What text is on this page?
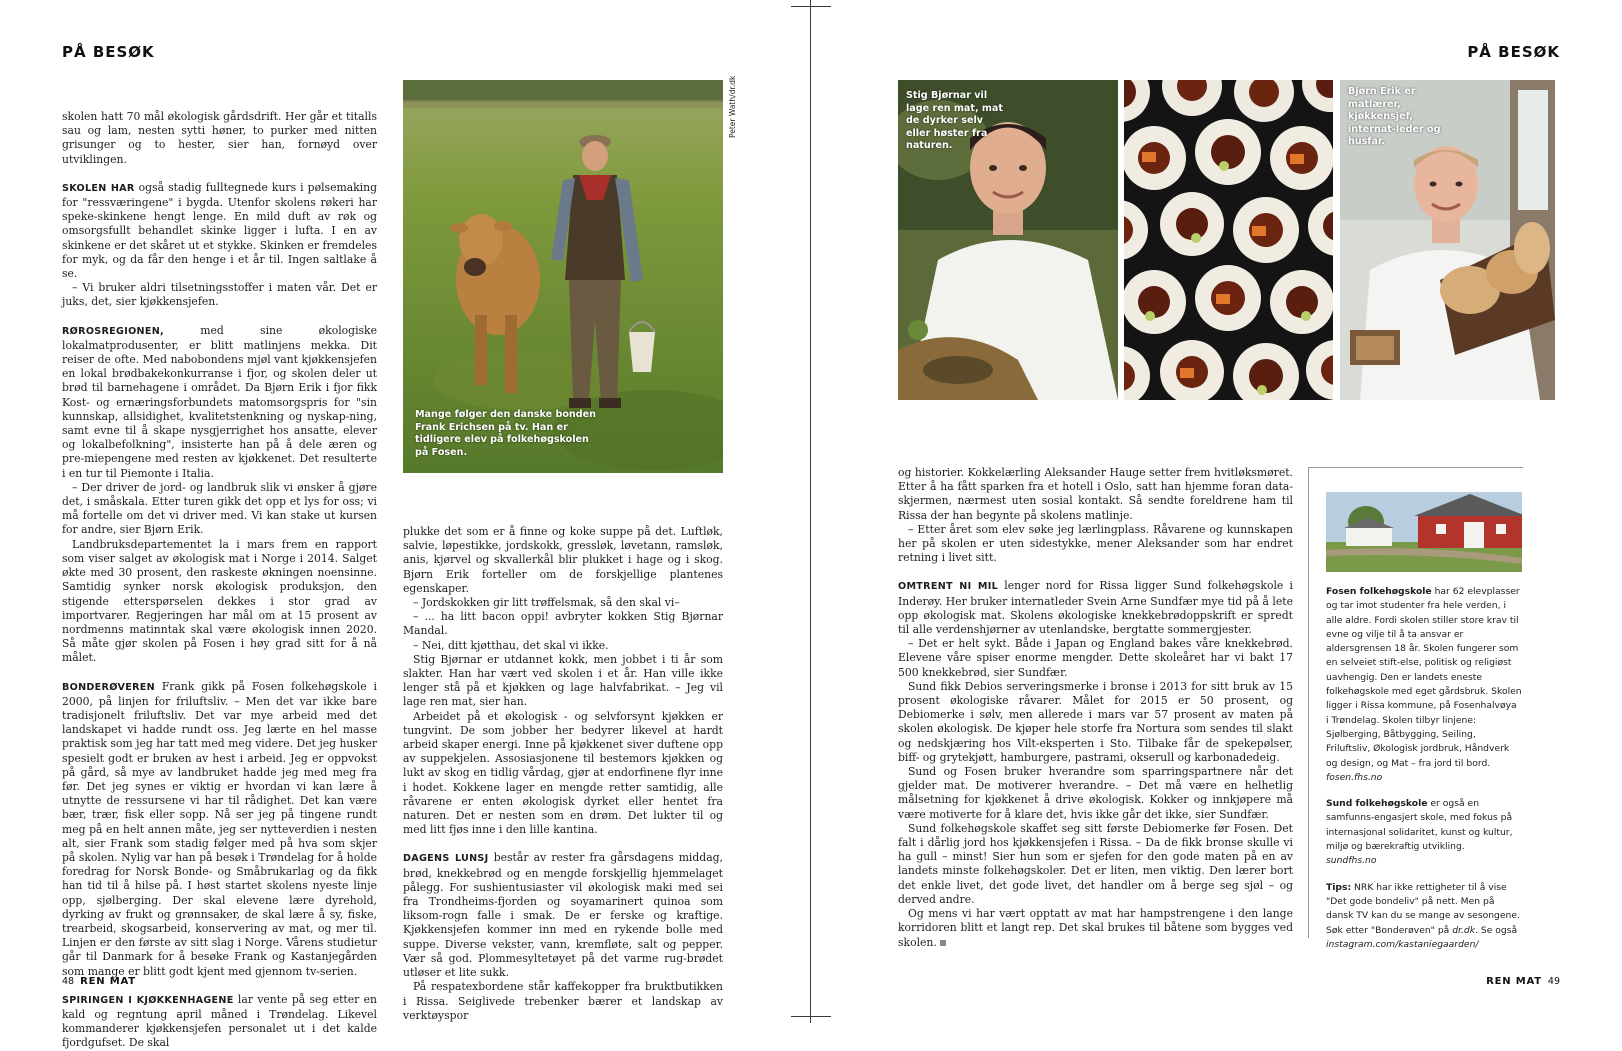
PÅ BESØK	PÅ BESØK

skolen hatt 70 mål økologisk gårdsdrift. Her går et titalls sau og lam, nesten sytti høner, to purker med nitten grisunger og to hester, sier han, fornøyd over utviklingen.

SKOLEN HAR også stadig fulltegnede kurs i pølsemaking for "ressværingene" i bygda. Utenfor skolens røkeri har speke-skinkene hengt lenge. En mild duft av røk og omsorgsfullt behandlet skinke ligger i lufta. I en av skinkene er det skåret ut et stykke. Skinken er fremdeles for myk, og da får den henge i et år til. Ingen saltlake å se.

– Vi bruker aldri tilsetningsstoffer i maten vår. Det er juks, det, sier kjøkkensjefen.

RØROSREGIONEN, med sine økologiske lokalmatprodusenter, er blitt matlinjens mekka. Dit reiser de ofte. Med nabobondens mjøl vant kjøkkensjefen en lokal brødbakekonkurranse i fjor, og skolen deler ut brød til barnehagene i området. Da Bjørn Erik i fjor fikk Kost- og ernæringsforbundets matomsorgspris for "sin kunnskap, allsidighet, kvalitetstenkning og nyskap-ning, samt evne til å skape nysgjerrighet hos ansatte, elever og lokalbefolkning", insisterte han på å dele æren og pre-miepengene med resten av kjøkkenet. Det resulterte i en tur til Piemonte i Italia.

– Der driver de jord- og landbruk slik vi ønsker å gjøre det, i småskala. Etter turen gikk det opp et lys for oss; vi må fortelle om det vi driver med. Vi kan stake ut kursen for andre, sier Bjørn Erik.

Landbruksdepartementet la i mars frem en rapport som viser salget av økologisk mat i Norge i 2014. Salget økte med 30 prosent, den raskeste økningen noensinne. Samtidig synker norsk økologisk produksjon, den stigende etterspørselen dekkes i stor grad av importvarer. Regjeringen har mål om at 15 prosent av nordmenns matinntak skal være økologisk innen 2020. Så måte gjør skolen på Fosen i høy grad sitt for å nå målet.

BONDERØVEREN Frank gikk på Fosen folkehøgskole i 2000, på linjen for friluftsliv. – Men det var ikke bare tradisjonelt friluftsliv. Det var mye arbeid med det landskapet vi hadde rundt oss. Jeg lærte en hel masse praktisk som jeg har tatt med meg videre. Det jeg husker spesielt godt er bruken av hest i arbeid. Jeg er oppvokst på gård, så mye av landbruket hadde jeg med meg fra før. Det jeg synes er viktig er hvordan vi kan lære å utnytte de ressursene vi har til rådighet. Det kan være bær, trær, fisk eller sopp. Nå ser jeg på tingene rundt meg på en helt annen måte, jeg ser nytteverdien i nesten alt, sier Frank som stadig følger med på hva som skjer på skolen. Nylig var han på besøk i Trøndelag for å holde foredrag for Norsk Bonde- og Småbrukarlag og da fikk han tid til å hilse på. I høst startet skolens nyeste linje opp, sjølberging. Der skal elevene lære dyrehold, dyrking av frukt og grønnsaker, de skal lære å sy, fiske, trearbeid, skogsarbeid, konservering av mat, og mer til. Linjen er den første av sitt slag i Norge. Vårens studietur går til Danmark for å besøke Frank og Kastanjegården som mange er blitt godt kjent med gjennom tv-serien.

SPIRINGEN I KJØKKENHAGENE lar vente på seg etter en kald og regntung april måned i Trøndelag. Likevel kommanderer kjøkkensjefen personalet ut i det kalde fjordgufset. De skal

Mange følger den danske bonden Frank Erichsen på tv. Han er tidligere elev på folkehøgskolen på Fosen.
Peter Wath/dr.dk

plukke det som er å finne og koke suppe på det. Luftløk, salvie, løpestikke, jordskokk, gressløk, løvetann, ramsløk, anis, kjørvel og skvallerkål blir plukket i hage og i skog. Bjørn Erik forteller om de forskjellige plantenes egenskaper.

– Jordskokken gir litt trøffelsmak, så den skal vi–

– ... ha litt bacon oppi! avbryter kokken Stig Bjørnar Mandal.

– Nei, ditt kjøtthau, det skal vi ikke.

Stig Bjørnar er utdannet kokk, men jobbet i ti år som slakter. Han har vært ved skolen i et år. Han ville ikke lenger stå på et kjøkken og lage halvfabrikat. – Jeg vil lage ren mat, sier han.

Arbeidet på et økologisk - og selvforsynt kjøkken er tungvint. De som jobber her bedyrer likevel at hardt arbeid skaper energi. Inne på kjøkkenet siver duftene opp av suppekjelen. Assosiasjonene til bestemors kjøkken og lukt av skog en tidlig vårdag, gjør at endorfinene flyr inne i hodet. Kokkene lager en mengde retter samtidig, alle råvarene er enten økologisk dyrket eller hentet fra naturen. Det er nesten som en drøm. Det lukter til og med litt fjøs inne i den lille kantina.

DAGENS LUNSJ består av rester fra gårsdagens middag, brød, knekkebrød og en mengde forskjellig hjemmelaget pålegg. For sushientusiaster vil økologisk maki med sei fra Trondheims-fjorden og soyamarinert quinoa som liksom-rogn falle i smak. De er ferske og kraftige. Kjøkkensjefen kommer inn med en rykende bolle med suppe. Diverse vekster, vann, kremfløte, salt og pepper. Vær så god. Plommesyltetøyet på det varme rug-brødet utløser et lite sukk.

På respatexbordene står kaffekopper fra bruktbutikken i Rissa. Seiglivede trebenker bærer et landskap av verktøyspor

Stig Bjørnar vil lage ren mat, mat de dyrker selv eller høster fra naturen.
Bjørn Erik er matlærer, kjøkkensjef, internat-leder og husfar.

og historier. Kokkelærling Aleksander Hauge setter frem hvitløksmøret. Etter å ha fått sparken fra et hotell i Oslo, satt han hjemme foran data-skjermen, nærmest uten sosial kontakt. Så sendte foreldrene ham til Rissa der han begynte på skolens matlinje.

– Etter året som elev søke jeg lærlingplass. Råvarene og kunnskapen her på skolen er uten sidestykke, mener Aleksander som har endret retning i livet sitt.

OMTRENT NI MIL lenger nord for Rissa ligger Sund folkehøgskole i Inderøy. Her bruker internatleder Svein Arne Sundfær mye tid på å lete opp økologisk mat. Skolens økologiske knekkebrødoppskrift er spredt til alle verdenshjørner av utenlandske, bergtatte sommergjester.

– Det er helt sykt. Både i Japan og England bakes våre knekkebrød. Elevene våre spiser enorme mengder. Dette skoleåret har vi bakt 17 500 knekkebrød, sier Sundfær.

Sund fikk Debios serveringsmerke i bronse i 2013 for sitt bruk av 15 prosent økologiske råvarer. Målet for 2015 er 50 prosent, og Debiomerke i sølv, men allerede i mars var 57 prosent av maten på skolen økologisk. De kjøper hele storfe fra Nortura som sendes til slakt og nedskjæring hos Vilt-eksperten i Sto. Tilbake får de spekepølser, biff- og grytekjøtt, hamburgere, pastrami, okserull og karbonadedeig.

Sund og Fosen bruker hverandre som sparringspartnere når det gjelder mat. De motiverer hverandre. – Det må være en helhetlig målsetning for kjøkkenet å drive økologisk. Kokker og innkjøpere må være motiverte for å klare det, hvis ikke går det ikke, sier Sundfær.

Sund folkehøgskole skaffet seg sitt første Debiomerke før Fosen. Det falt i dårlig jord hos kjøkkensjefen i Rissa. – Da de fikk bronse skulle vi ha gull – minst! Sier hun som er sjefen for den gode maten på en av landets minste folkehøgskoler. Det er liten, men viktig. Den lærer bort det enkle livet, det gode livet, det handler om å berge seg sjøl – og derved andre.

Og mens vi har vært opptatt av mat har hampstrengene i den lange korridoren blitt et langt rep. Det skal brukes til båtene som bygges ved skolen.

Fosen folkehøgskole har 62 elevplasser og tar imot studenter fra hele verden, i alle aldre. Fordi skolen stiller store krav til evne og vilje til å ta ansvar er aldersgrensen 18 år. Skolen fungerer som en selveiet stift-else, politisk og religiøst uavhengig. Den er landets eneste folkehøgskole med eget gårdsbruk. Skolen ligger i Rissa kommune, på Fosenhalvøya i Trøndelag. Skolen tilbyr linjene: Sjølberging, Båtbygging, Seiling, Friluftsliv, Økologisk jordbruk, Håndverk og design, og Mat – fra jord til bord.
fosen.fhs.no

Sund folkehøgskole er også en samfunns-engasjert skole, med fokus på internasjonal solidaritet, kunst og kultur, miljø og bærekraftig utvikling.
sundfhs.no

Tips: NRK har ikke rettigheter til å vise "Det gode bondeliv" på nett. Men på dansk TV kan du se mange av sesongene. Søk etter "Bonderøven" på dr.dk. Se også instagram.com/kastaniegaarden/

48 REN MAT	REN MAT 49
